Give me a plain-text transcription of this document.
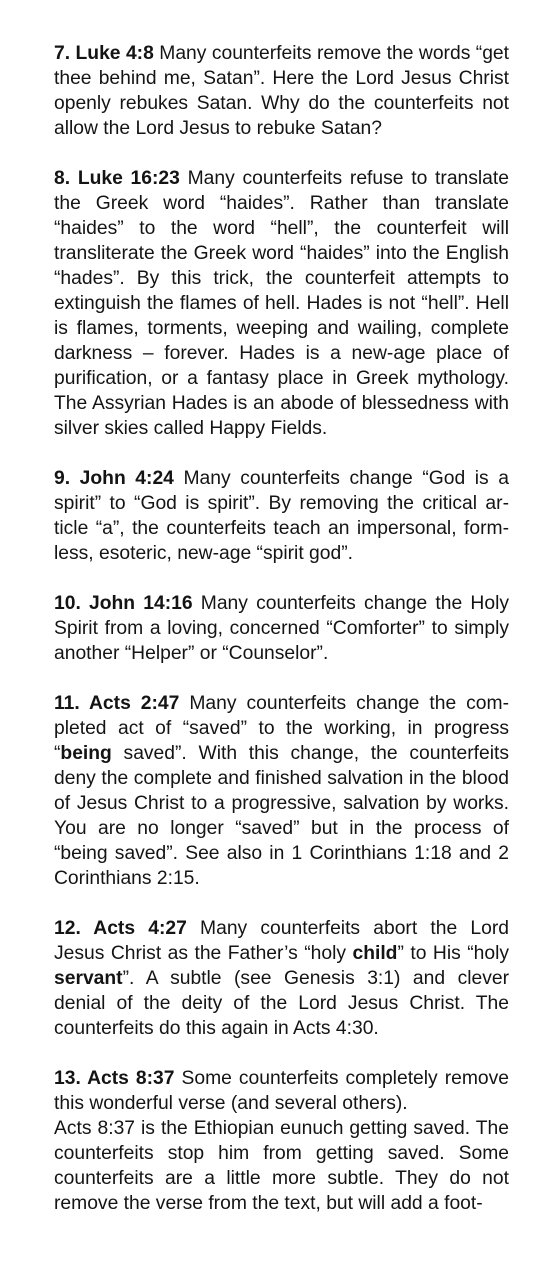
7. Luke 4:8 Many counterfeits remove the words “get thee behind me, Satan”. Here the Lord Jesus Christ openly rebukes Satan. Why do the counterfeits not allow the Lord Jesus to rebuke Satan?

8. Luke 16:23 Many counterfeits refuse to translate the Greek word “haides”. Rather than translate “haides” to the word “hell”, the counterfeit will transliterate the Greek word “haides” into the English “hades”. By this trick, the counterfeit attempts to extinguish the flames of hell. Hades is not “hell”. Hell is flames, torments, weeping and wailing, complete darkness – forever. Hades is a new-age place of purification, or a fantasy place in Greek mythology. The Assyrian Hades is an abode of blessedness with silver skies called Happy Fields.

9. John 4:24 Many counterfeits change “God is a spirit” to “God is spirit”. By removing the critical article “a”, the counterfeits teach an impersonal, formless, esoteric, new-age “spirit god”.

10. John 14:16 Many counterfeits change the Holy Spirit from a loving, concerned “Comforter” to simply another “Helper” or “Counselor”.

11. Acts 2:47 Many counterfeits change the completed act of “saved” to the working, in progress “being saved”. With this change, the counterfeits deny the complete and finished salvation in the blood of Jesus Christ to a progressive, salvation by works. You are no longer “saved” but in the process of “being saved”. See also in 1 Corinthians 1:18 and 2 Corinthians 2:15.

12. Acts 4:27 Many counterfeits abort the Lord Jesus Christ as the Father’s “holy child” to His “holy servant”. A subtle (see Genesis 3:1) and clever denial of the deity of the Lord Jesus Christ. The counterfeits do this again in Acts 4:30.

13. Acts 8:37 Some counterfeits completely remove this wonderful verse (and several others).

Acts 8:37 is the Ethiopian eunuch getting saved. The counterfeits stop him from getting saved. Some counterfeits are a little more subtle. They do not remove the verse from the text, but will add a foot-
